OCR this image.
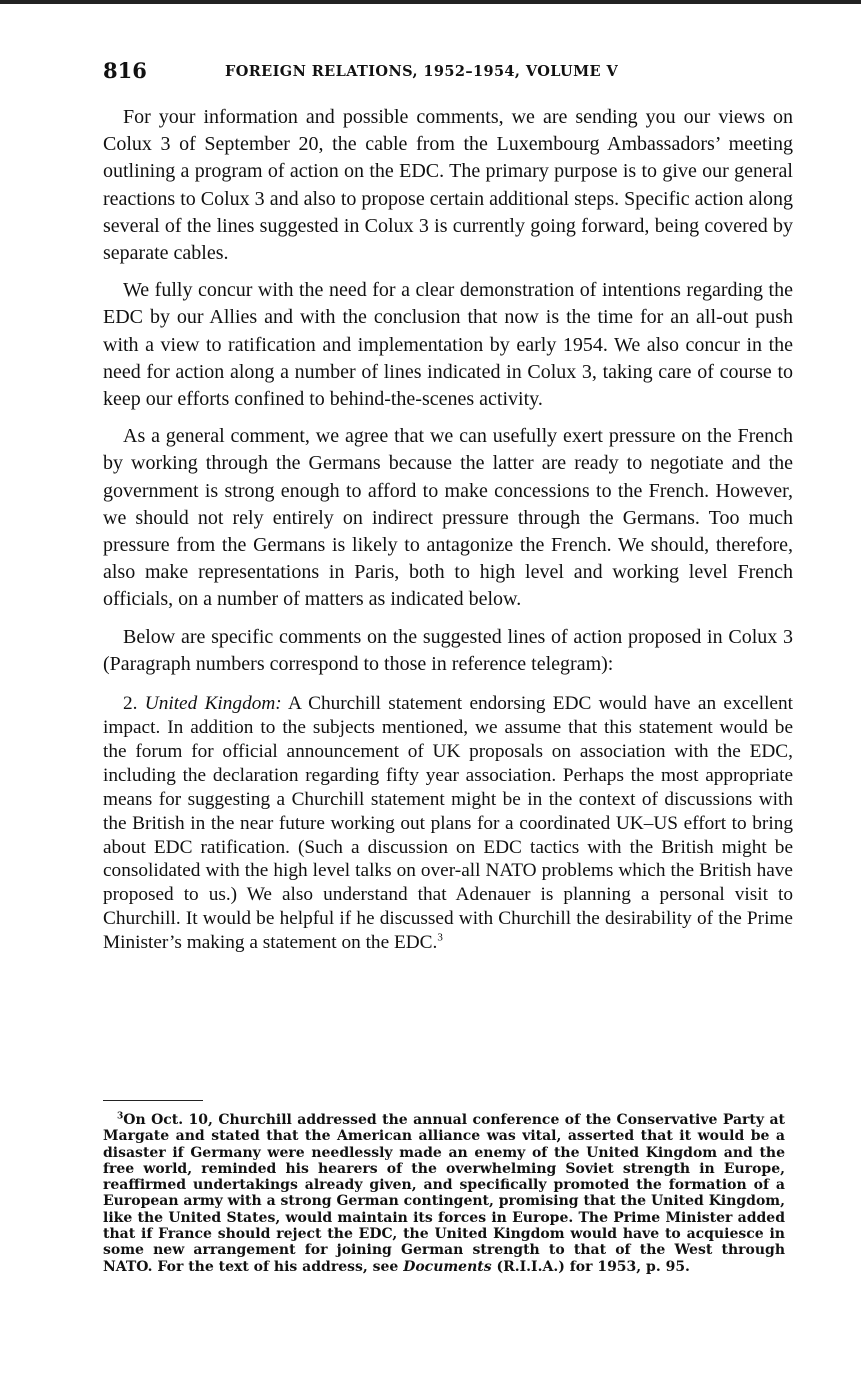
816	FOREIGN RELATIONS, 1952–1954, VOLUME V

For your information and possible comments, we are sending you our views on Colux 3 of September 20, the cable from the Luxembourg Ambassadors’ meeting outlining a program of action on the EDC. The primary purpose is to give our general reactions to Colux 3 and also to propose certain additional steps. Specific action along several of the lines suggested in Colux 3 is currently going forward, being covered by separate cables.

We fully concur with the need for a clear demonstration of intentions regarding the EDC by our Allies and with the conclusion that now is the time for an all-out push with a view to ratification and implementation by early 1954. We also concur in the need for action along a number of lines indicated in Colux 3, taking care of course to keep our efforts confined to behind-the-scenes activity.

As a general comment, we agree that we can usefully exert pressure on the French by working through the Germans because the latter are ready to negotiate and the government is strong enough to afford to make concessions to the French. However, we should not rely entirely on indirect pressure through the Germans. Too much pressure from the Germans is likely to antagonize the French. We should, therefore, also make representations in Paris, both to high level and working level French officials, on a number of matters as indicated below.

Below are specific comments on the suggested lines of action proposed in Colux 3 (Paragraph numbers correspond to those in reference telegram):

2. United Kingdom: A Churchill statement endorsing EDC would have an excellent impact. In addition to the subjects mentioned, we assume that this statement would be the forum for official announcement of UK proposals on association with the EDC, including the declaration regarding fifty year association. Perhaps the most appropriate means for suggesting a Churchill statement might be in the context of discussions with the British in the near future working out plans for a coordinated UK–US effort to bring about EDC ratification. (Such a discussion on EDC tactics with the British might be consolidated with the high level talks on over-all NATO problems which the British have proposed to us.) We also understand that Adenauer is planning a personal visit to Churchill. It would be helpful if he discussed with Churchill the desirability of the Prime Minister’s making a statement on the EDC.$^3$

$^3$On Oct. 10, Churchill addressed the annual conference of the Conservative Party at Margate and stated that the American alliance was vital, asserted that it would be a disaster if Germany were needlessly made an enemy of the United Kingdom and the free world, reminded his hearers of the overwhelming Soviet strength in Europe, reaffirmed undertakings already given, and specifically promoted the formation of a European army with a strong German contingent, promising that the United Kingdom, like the United States, would maintain its forces in Europe. The Prime Minister added that if France should reject the EDC, the United Kingdom would have to acquiesce in some new arrangement for joining German strength to that of the West through NATO. For the text of his address, see Documents (R.I.I.A.) for 1953, p. 95.
